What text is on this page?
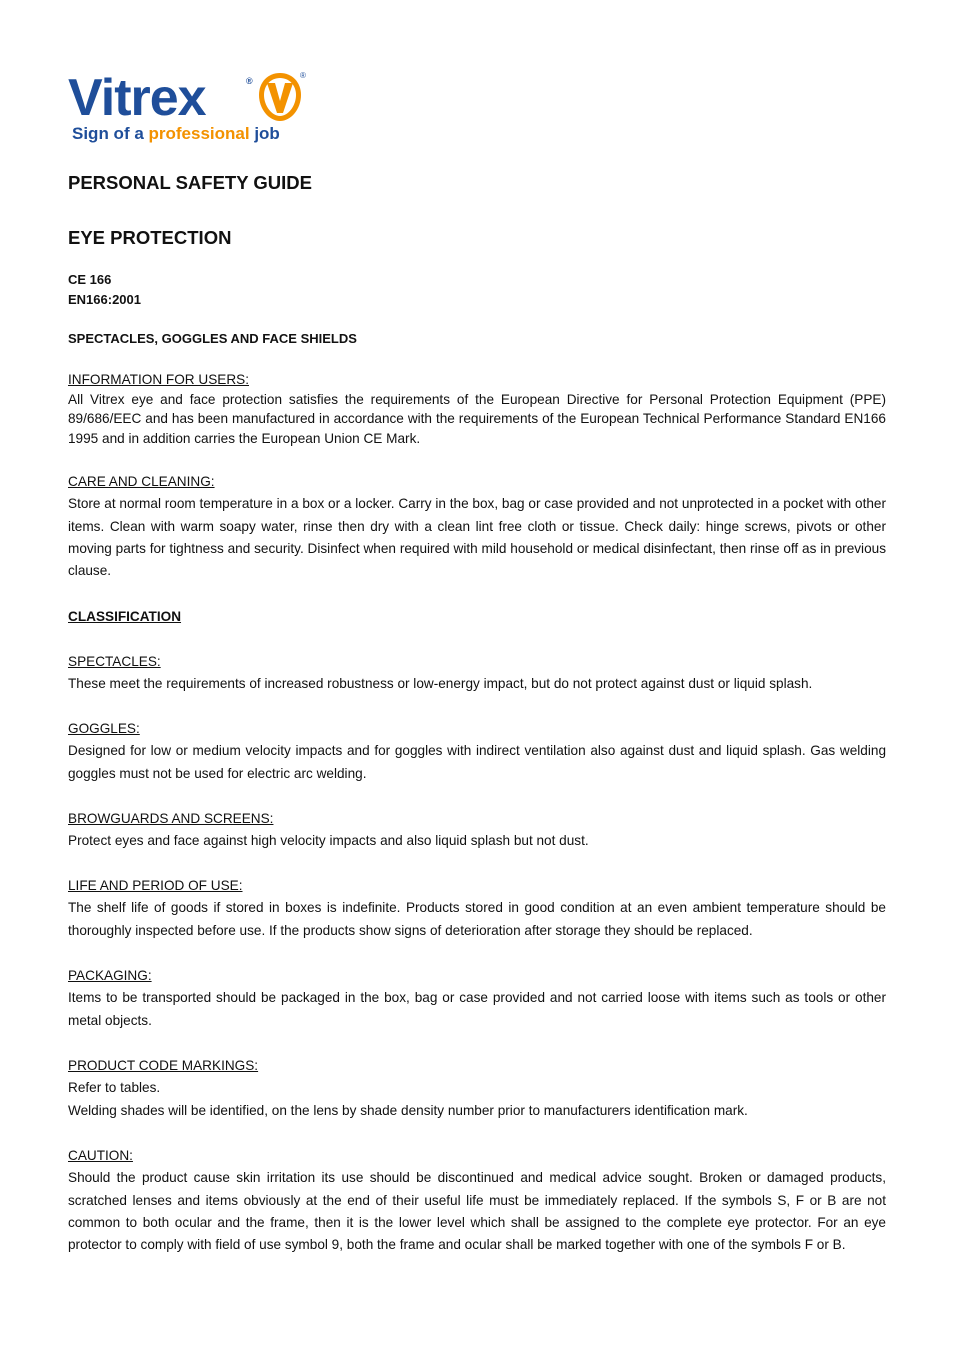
Vitrex	®
®
Sign of a professional job
PERSONAL SAFETY GUIDE
EYE PROTECTION
CE 166
EN166:2001
SPECTACLES, GOGGLES AND FACE SHIELDS
INFORMATION FOR USERS:
All Vitrex eye and face protection satisfies the requirements of the European Directive for Personal Protection Equipment (PPE) 89/686/EEC and has been manufactured in accordance with the requirements of the European Technical Performance Standard EN166 1995 and in addition carries the European Union CE Mark.
CARE AND CLEANING:
Store at normal room temperature in a box or a locker. Carry in the box, bag or case provided and not unprotected in a pocket with other items. Clean with warm soapy water, rinse then dry with a clean lint free cloth or tissue. Check daily: hinge screws, pivots or other moving parts for tightness and security. Disinfect when required with mild household or medical disinfectant, then rinse off as in previous clause.
CLASSIFICATION
SPECTACLES:
These meet the requirements of increased robustness or low-energy impact, but do not protect against dust or liquid splash.
GOGGLES:
Designed for low or medium velocity impacts and for goggles with indirect ventilation also against dust and liquid splash. Gas welding goggles must not be used for electric arc welding.
BROWGUARDS AND SCREENS:
Protect eyes and face against high velocity impacts and also liquid splash but not dust.
LIFE AND PERIOD OF USE:
The shelf life of goods if stored in boxes is indefinite. Products stored in good condition at an even ambient temperature should be thoroughly inspected before use. If the products show signs of deterioration after storage they should be replaced.
PACKAGING:
Items to be transported should be packaged in the box, bag or case provided and not carried loose with items such as tools or other metal objects.
PRODUCT CODE MARKINGS:
Refer to tables.
Welding shades will be identified, on the lens by shade density number prior to manufacturers identification mark.
CAUTION:
Should the product cause skin irritation its use should be discontinued and medical advice sought. Broken or damaged products, scratched lenses and items obviously at the end of their useful life must be immediately replaced. If the symbols S, F or B are not common to both ocular and the frame, then it is the lower level which shall be assigned to the complete eye protector. For an eye protector to comply with field of use symbol 9, both the frame and ocular shall be marked together with one of the symbols F or B.
